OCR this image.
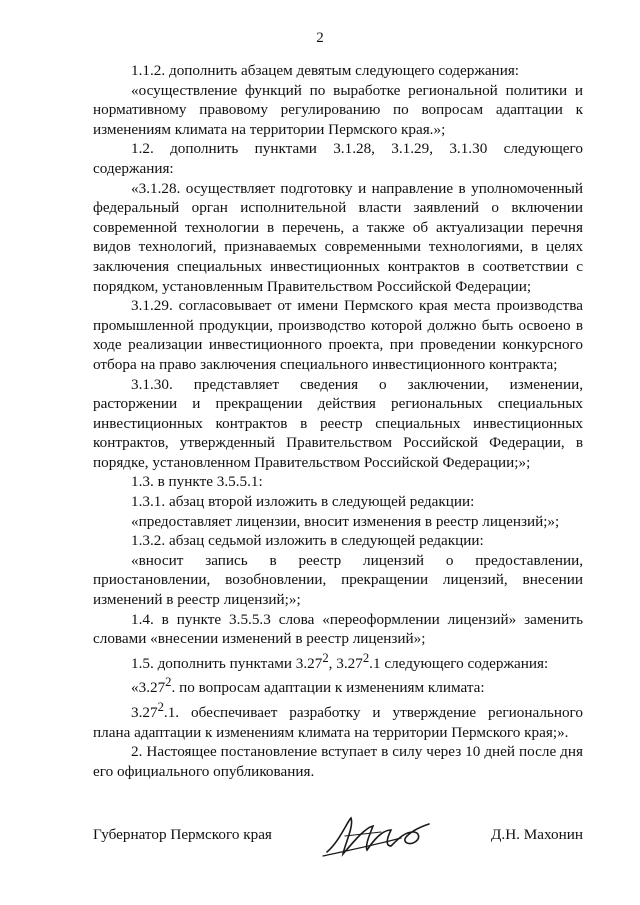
2

1.1.2. дополнить абзацем девятым следующего содержания:

«осуществление функций по выработке региональной политики и нормативному правовому регулированию по вопросам адаптации к изменениям климата на территории Пермского края.»;

1.2. дополнить пунктами 3.1.28, 3.1.29, 3.1.30 следующего содержания:

«3.1.28. осуществляет подготовку и направление в уполномоченный федеральный орган исполнительной власти заявлений о включении современной технологии в перечень, а также об актуализации перечня видов технологий, признаваемых современными технологиями, в целях заключения специальных инвестиционных контрактов в соответствии с порядком, установленным Правительством Российской Федерации;

3.1.29. согласовывает от имени Пермского края места производства промышленной продукции, производство которой должно быть освоено в ходе реализации инвестиционного проекта, при проведении конкурсного отбора на право заключения специального инвестиционного контракта;

3.1.30. представляет сведения о заключении, изменении, расторжении и прекращении действия региональных специальных инвестиционных контрактов в реестр специальных инвестиционных контрактов, утвержденный Правительством Российской Федерации, в порядке, установленном Правительством Российской Федерации;»;

1.3. в пункте 3.5.5.1:

1.3.1. абзац второй изложить в следующей редакции:

«предоставляет лицензии, вносит изменения в реестр лицензий;»;

1.3.2. абзац седьмой изложить в следующей редакции:

«вносит запись в реестр лицензий о предоставлении, приостановлении, возобновлении, прекращении лицензий, внесении изменений в реестр лицензий;»;

1.4. в пункте 3.5.5.3 слова «переоформлении лицензий» заменить словами «внесении изменений в реестр лицензий»;

1.5. дополнить пунктами 3.27$^2$, 3.27$^2$.1 следующего содержания:

«3.27$^2$. по вопросам адаптации к изменениям климата:

3.27$^2$.1. обеспечивает разработку и утверждение регионального плана адаптации к изменениям климата на территории Пермского края;».

2. Настоящее постановление вступает в силу через 10 дней после дня его официального опубликования.

Губернатор Пермского края	Д.Н. Махонин
